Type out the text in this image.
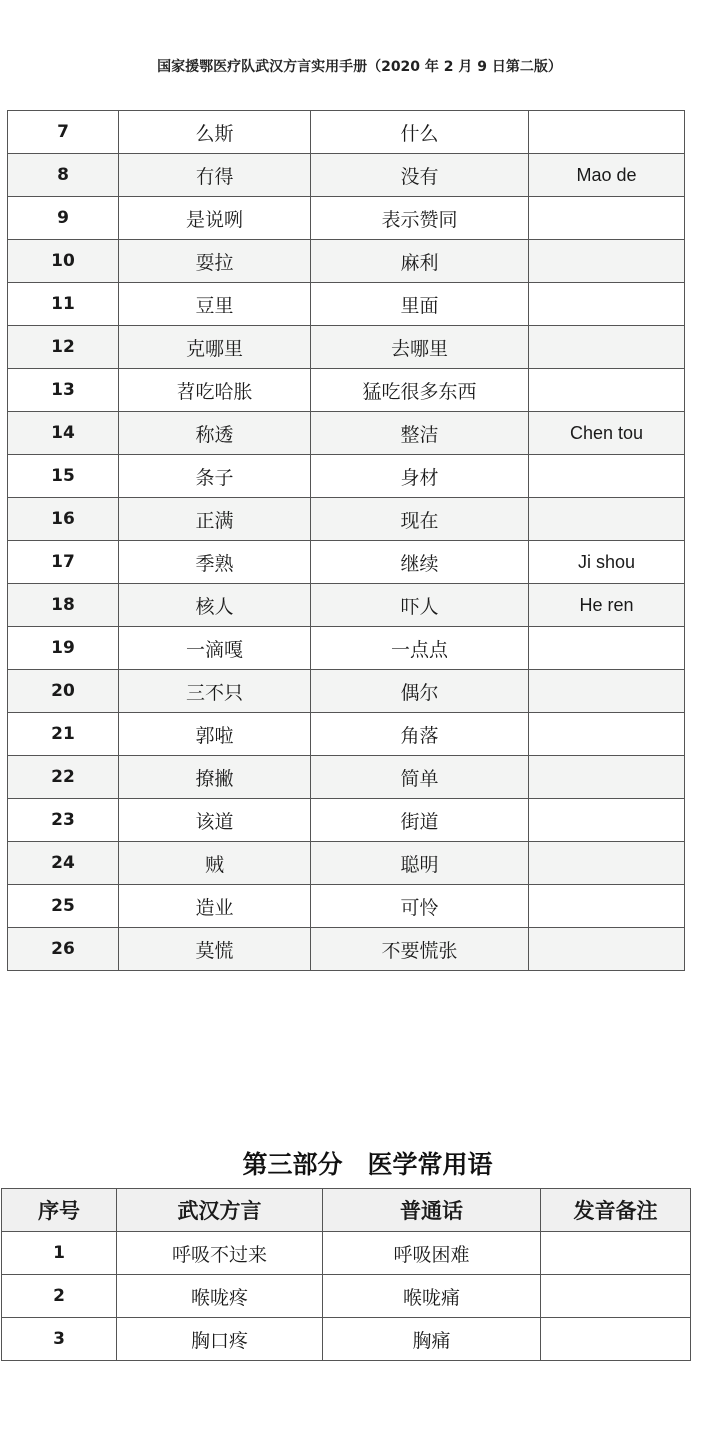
国家援鄂医疗队武汉方言实用手册（2020 年 2 月 9 日第二版）
7	么斯	什么	
8	冇得	没有	Mao de
9	是说咧	表示赞同	
10	耍拉	麻利	
11	豆里	里面	
12	克哪里	去哪里	
13	苕吃哈胀	猛吃很多东西	
14	称透	整洁	Chen tou
15	条子	身材	
16	正满	现在	
17	季熟	继续	Ji shou
18	核人	吓人	He ren
19	一滴嘎	一点点	
20	三不只	偶尔	
21	郭啦	角落	
22	撩撇	简单	
23	该道	街道	
24	贼	聪明	
25	造业	可怜	
26	莫慌	不要慌张	
第三部分　医学常用语
序号	武汉方言	普通话	发音备注
1	呼吸不过来	呼吸困难	
2	喉咙疼	喉咙痛	
3	胸口疼	胸痛	
